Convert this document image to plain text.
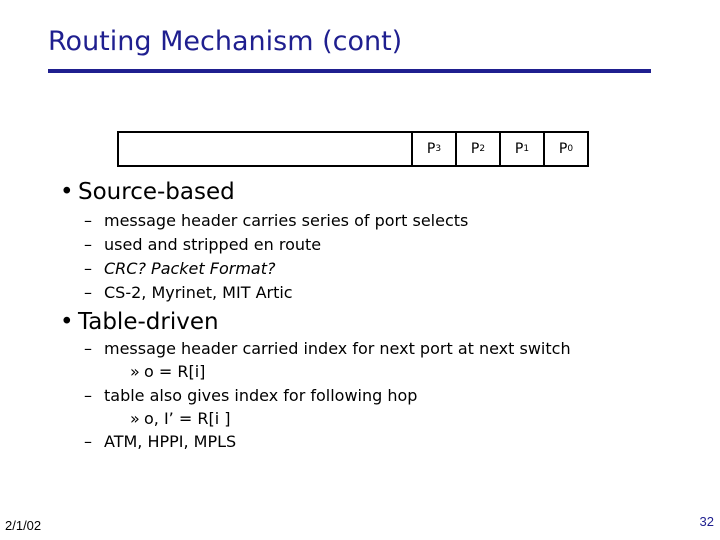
Routing Mechanism (cont)
P 3 P 2 P 1 P 0
• Source-based
– message header carries series of port selects
– used and stripped en route
– CRC? Packet Format?
– CS-2, Myrinet, MIT Artic
• Table-driven
– message header carried index for next port at next switch
» o = R[i]
– table also gives index for following hop
» o, I’ = R[i ]
– ATM, HPPI, MPLS
2/1/02	32
